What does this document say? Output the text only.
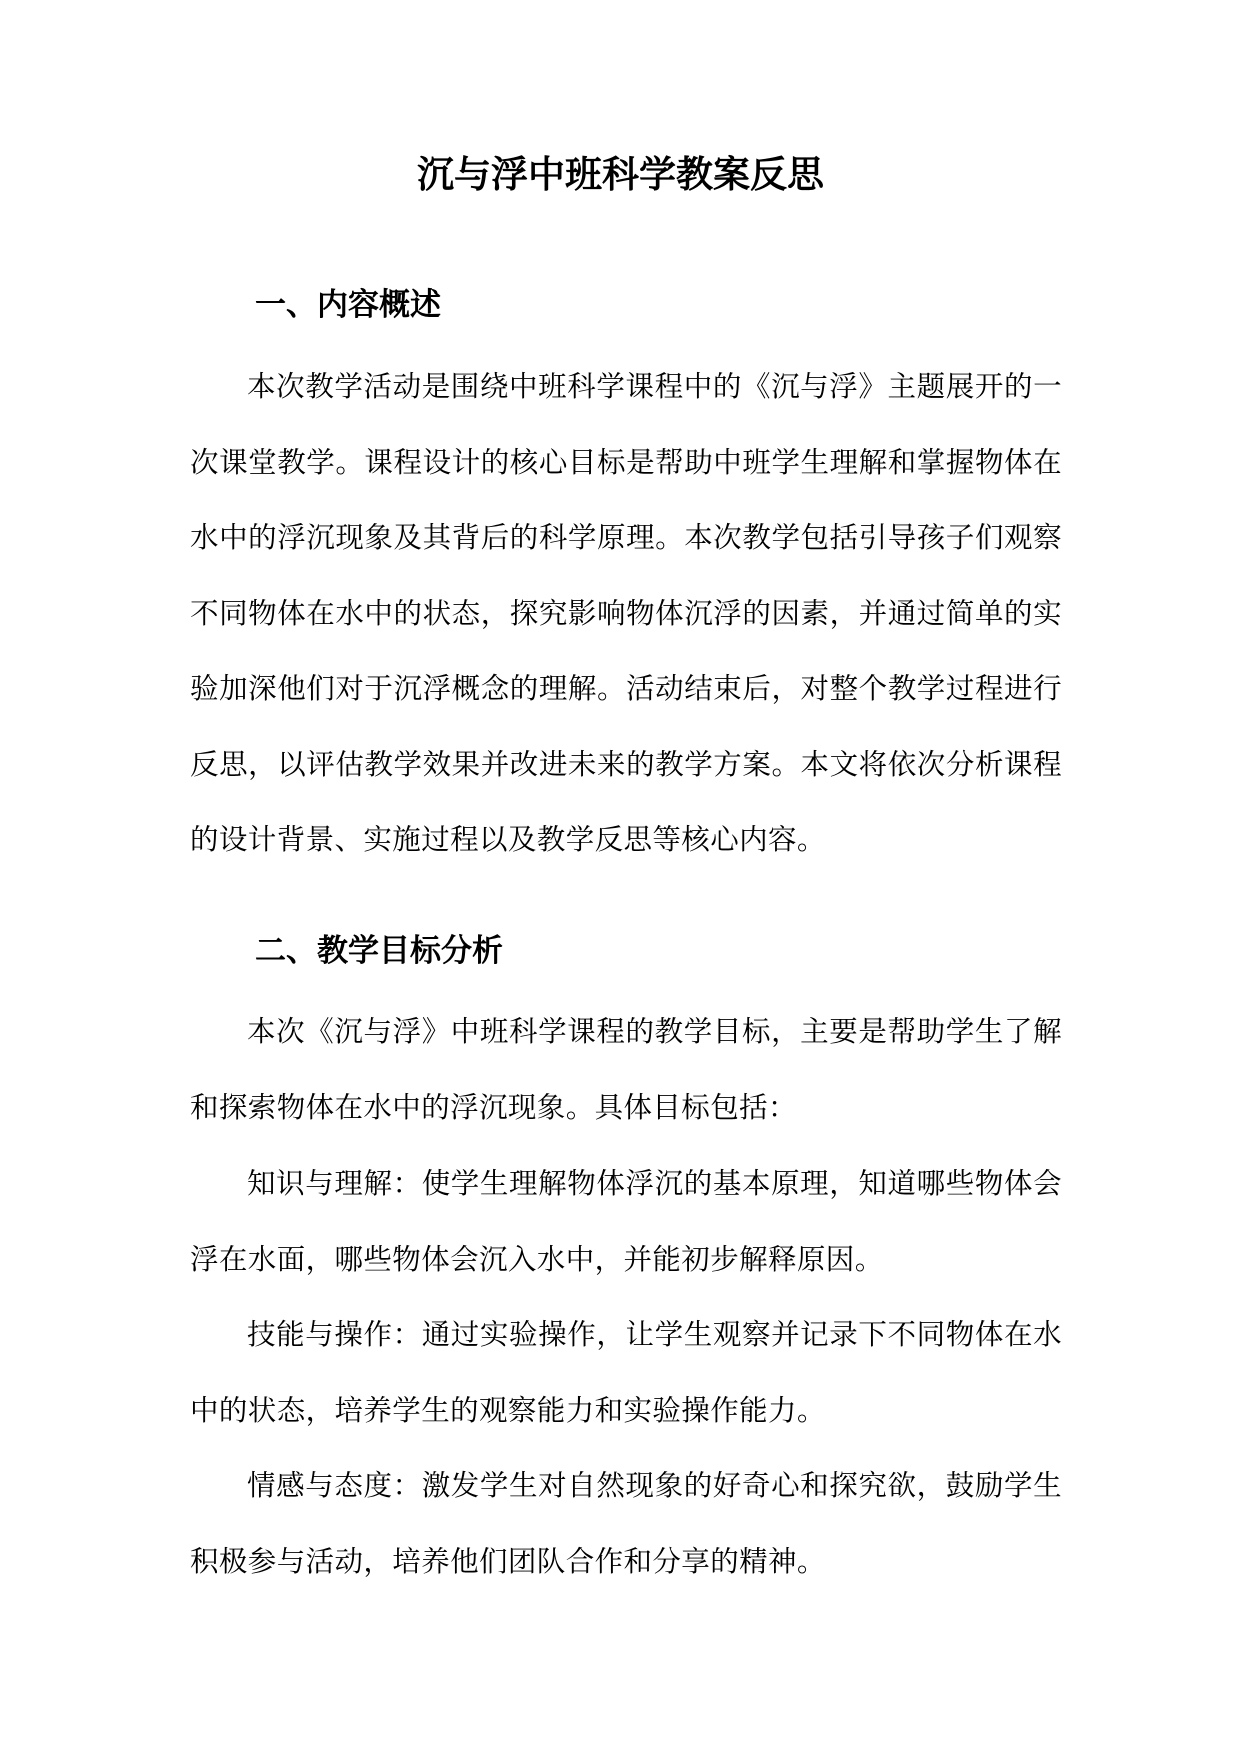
沉与浮中班科学教案反思
一、内容概述

本次教学活动是围绕中班科学课程中的《沉与浮》主题展开的一次课堂教学。课程设计的核心目标是帮助中班学生理解和掌握物体在水中的浮沉现象及其背后的科学原理。本次教学包括引导孩子们观察不同物体在水中的状态，探究影响物体沉浮的因素，并通过简单的实验加深他们对于沉浮概念的理解。活动结束后，对整个教学过程进行反思，以评估教学效果并改进未来的教学方案。本文将依次分析课程的设计背景、实施过程以及教学反思等核心内容。

二、教学目标分析

本次《沉与浮》中班科学课程的教学目标，主要是帮助学生了解和探索物体在水中的浮沉现象。具体目标包括：

知识与理解：使学生理解物体浮沉的基本原理，知道哪些物体会浮在水面，哪些物体会沉入水中，并能初步解释原因。

技能与操作：通过实验操作，让学生观察并记录下不同物体在水中的状态，培养学生的观察能力和实验操作能力。

情感与态度：激发学生对自然现象的好奇心和探究欲，鼓励学生积极参与活动，培养他们团队合作和分享的精神。
